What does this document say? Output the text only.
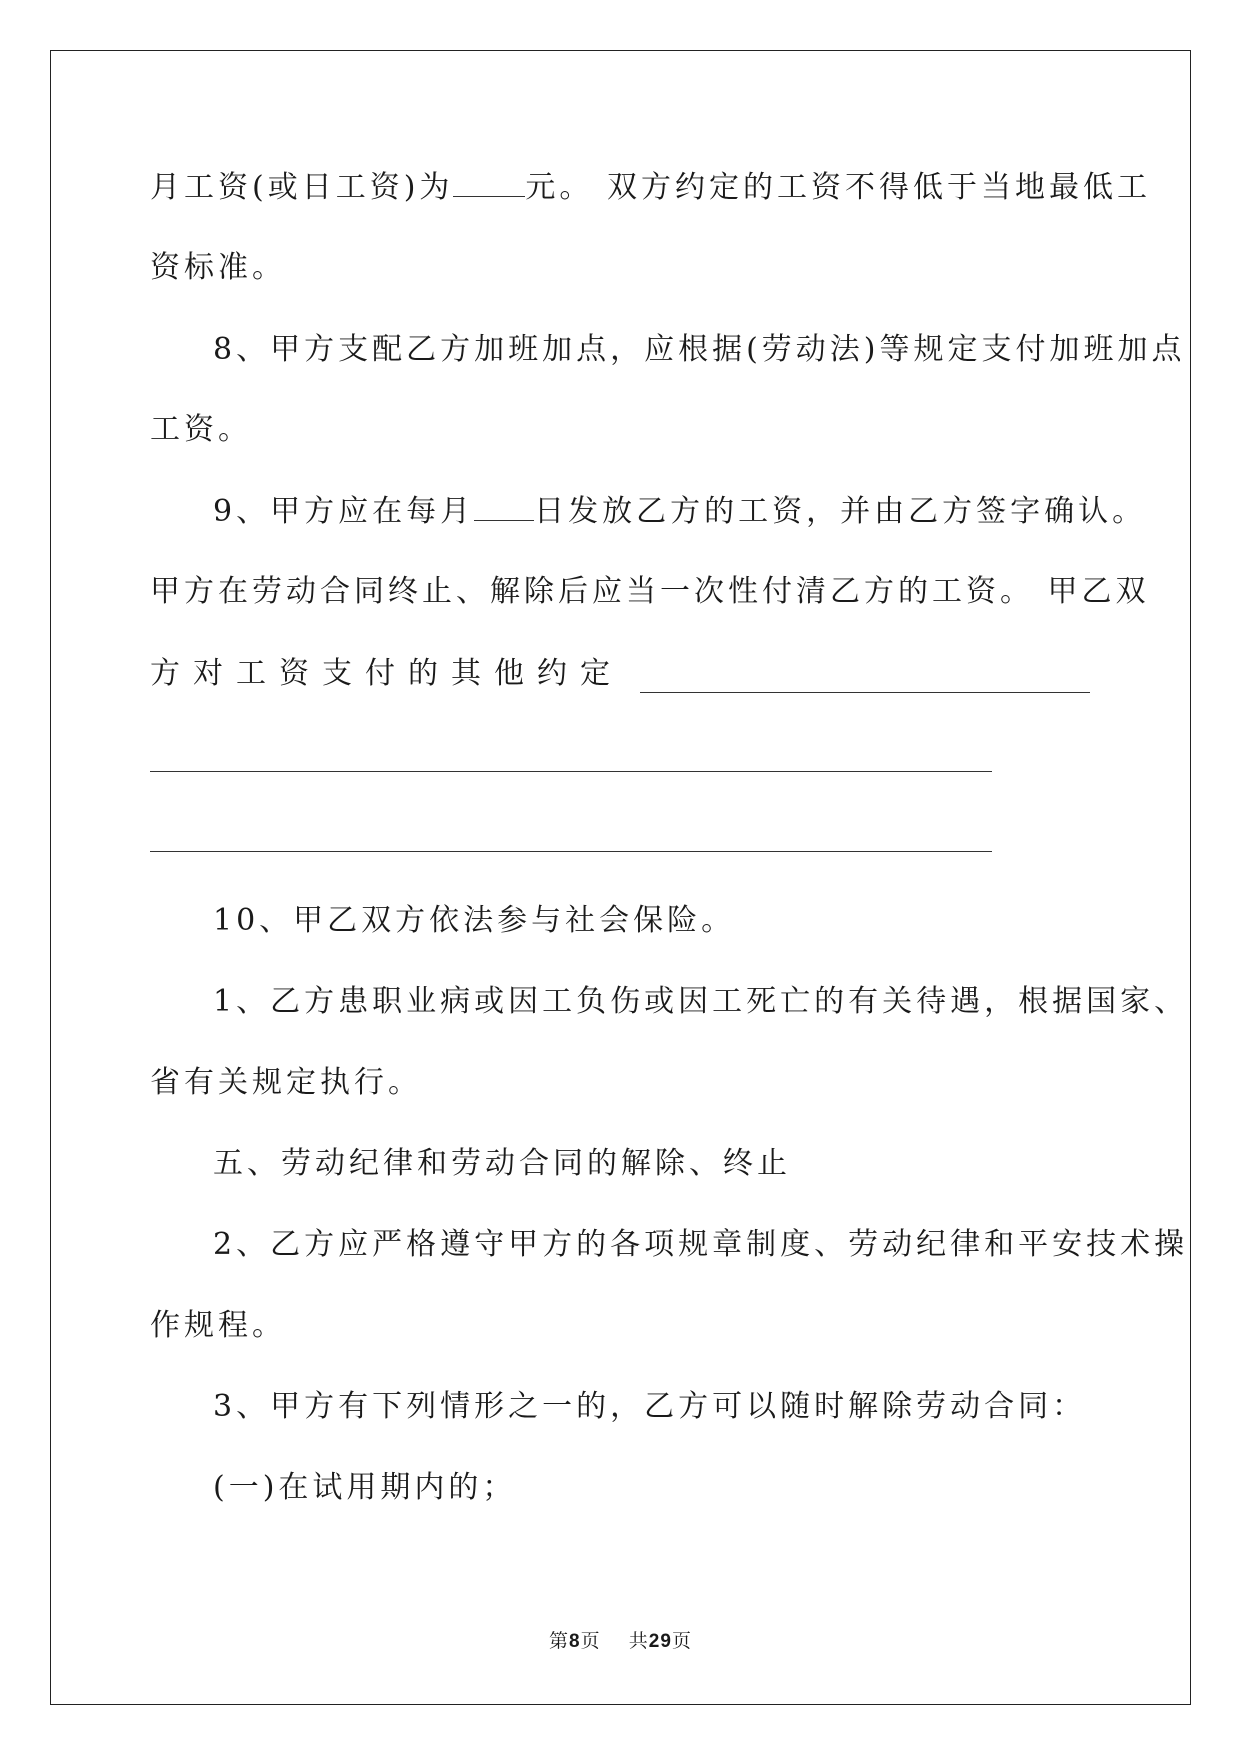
月工资(或日工资)为 元。 双方约定的工资不得低于当地最低工
资标准。
8、甲方支配乙方加班加点，应根据(劳动法)等规定支付加班加点
工资。
9、甲方应在每月 日发放乙方的工资，并由乙方签字确认。
甲方在劳动合同终止、解除后应当一次性付清乙方的工资。 甲乙双
方对工资支付的其他约定
10、甲乙双方依法参与社会保险。
1、乙方患职业病或因工负伤或因工死亡的有关待遇，根据国家、
省有关规定执行。
五、劳动纪律和劳动合同的解除、终止
2、乙方应严格遵守甲方的各项规章制度、劳动纪律和平安技术操
作规程。
3、甲方有下列情形之一的，乙方可以随时解除劳动合同：
(一)在试用期内的；
第8页    共29页
